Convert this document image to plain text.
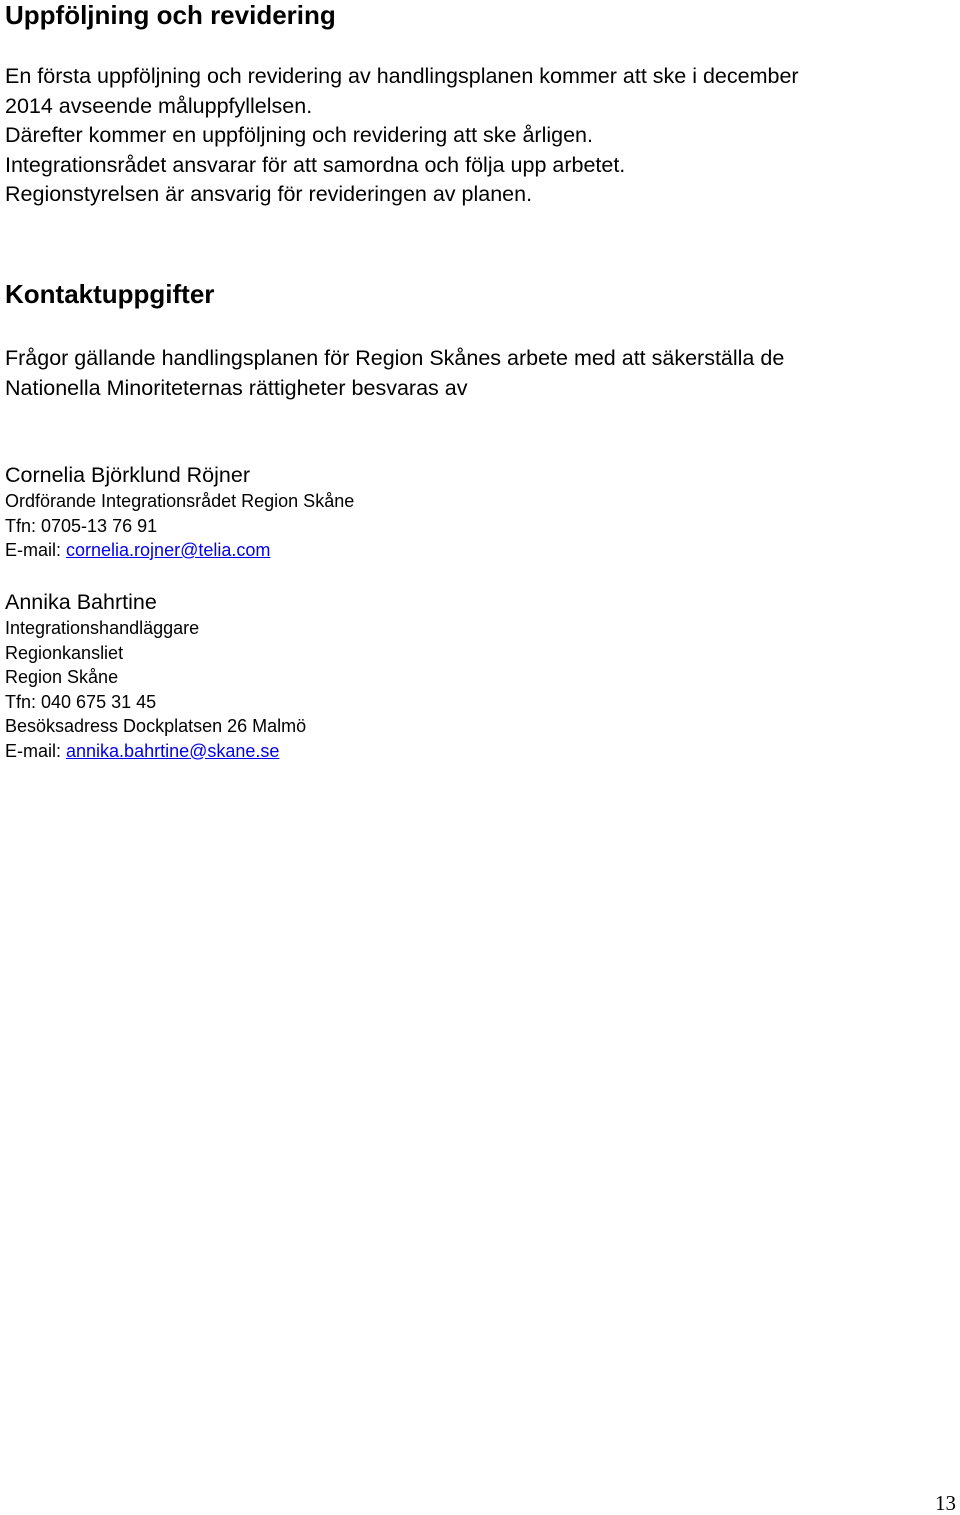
Uppföljning och revidering

En första uppföljning och revidering av handlingsplanen kommer att ske i december
2014 avseende måluppfyllelsen.
Därefter kommer en uppföljning och revidering att ske årligen.
Integrationsrådet ansvarar för att samordna och följa upp arbetet.
Regionstyrelsen är ansvarig för revideringen av planen.

Kontaktuppgifter

Frågor gällande handlingsplanen för Region Skånes arbete med att säkerställa de
Nationella Minoriteternas rättigheter besvaras av

Cornelia Björklund Röjner

Ordförande Integrationsrådet Region Skåne

Tfn: 0705-13 76 91

E-mail: cornelia.rojner@telia.com

Annika Bahrtine

Integrationshandläggare

Regionkansliet

Region Skåne

Tfn: 040 675 31 45

Besöksadress Dockplatsen 26 Malmö

E-mail: annika.bahrtine@skane.se

13
